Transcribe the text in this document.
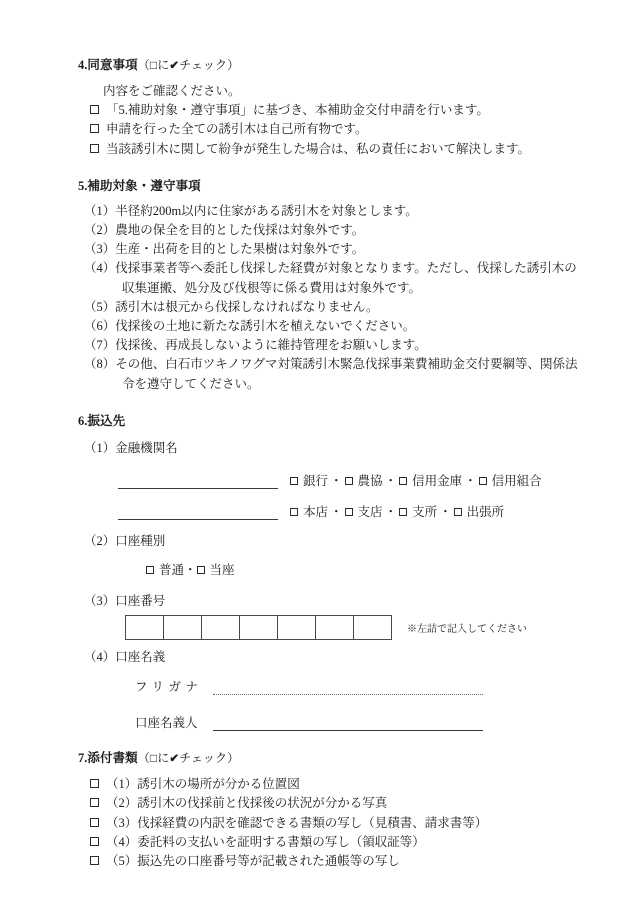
4.同意事項（□に✔チェック）
内容をご確認ください。
「5.補助対象・遵守事項」に基づき、本補助金交付申請を行います。
申請を行った全ての誘引木は自己所有物です。
当該誘引木に関して紛争が発生した場合は、私の責任において解決します。
5.補助対象・遵守事項
（1）半径約200m以内に住家がある誘引木を対象とします。
（2）農地の保全を目的とした伐採は対象外です。
（3）生産・出荷を目的とした果樹は対象外です。
（4）伐採事業者等へ委託し伐採した経費が対象となります。ただし、伐採した誘引木の収集運搬、処分及び伐根等に係る費用は対象外です。
（5）誘引木は根元から伐採しなければなりません。
（6）伐採後の土地に新たな誘引木を植えないでください。
（7）伐採後、再成長しないように維持管理をお願いします。
（8）その他、白石市ツキノワグマ対策誘引木緊急伐採事業費補助金交付要綱等、関係法令を遵守してください。
6.振込先
（1）金融機関名
銀行 ・ 農協 ・ 信用金庫 ・ 信用組合
本店 ・ 支店 ・ 支所 ・ 出張所
（2）口座種別
普通・ 当座
（3）口座番号
※左詰で記入してください
（4）口座名義
フリガナ
口座名義人
7.添付書類（□に✔チェック）
（1）誘引木の場所が分かる位置図
（2）誘引木の伐採前と伐採後の状況が分かる写真
（3）伐採経費の内訳を確認できる書類の写し（見積書、請求書等）
（4）委託料の支払いを証明する書類の写し（領収証等）
（5）振込先の口座番号等が記載された通帳等の写し
